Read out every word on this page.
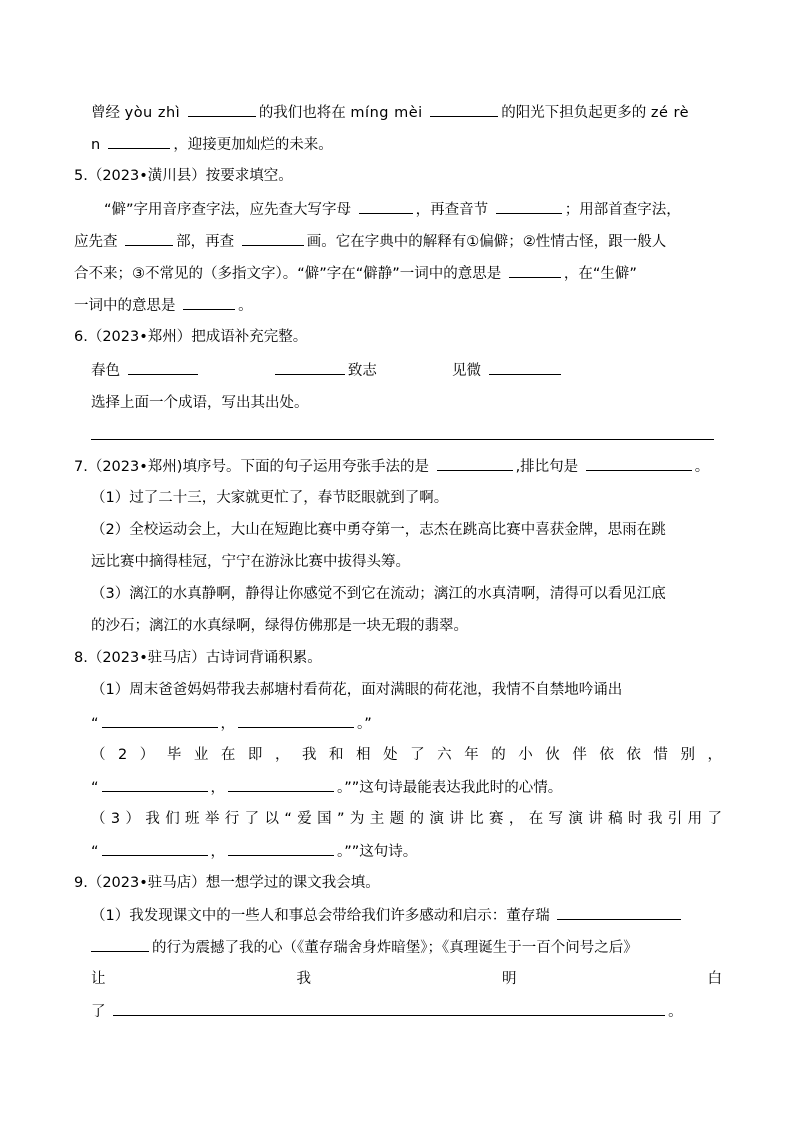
曾经 yòu zhì	的我们也将在 míng mèi	的阳光下担负起更多的 zé rè
n	，迎接更加灿烂的未来。
5.（2023•潢川县）按要求填空。
“僻”字用音序查字法，应先查大写字母	，再查音节	；用部首查字法，
应先查	部，再查	画。它在字典中的解释有①偏僻；②性情古怪，跟一般人
合不来；③不常见的（多指文字）。“僻”字在“僻静”一词中的意思是	，在“生僻”
一词中的意思是	。
6.（2023•郑州）把成语补充完整。
春色	致志	见微
选择上面一个成语，写出其出处。
7.（2023•郑州)填序号。下面的句子运用夸张手法的是	,排比句是	。
（1）过了二十三，大家就更忙了，春节眨眼就到了啊。
（2）全校运动会上，大山在短跑比赛中勇夺第一，志杰在跳高比赛中喜获金牌，思雨在跳
远比赛中摘得桂冠，宁宁在游泳比赛中拔得头筹。
（3）漓江的水真静啊，静得让你感觉不到它在流动；漓江的水真清啊，清得可以看见江底
的沙石；漓江的水真绿啊，绿得仿佛那是一块无瑕的翡翠。
8.（2023•驻马店）古诗词背诵积累。
（1）周末爸爸妈妈带我去郝塘村看荷花，面对满眼的荷花池，我情不自禁地吟诵出
“	，	。”
（2）毕业在即，我和相处了六年的小伙伴依依惜别，
“	，	。””这句诗最能表达我此时的心情。
（3）我们班举行了以“爱国”为主题的演讲比赛，在写演讲稿时我引用了
“	，	。””这句诗。
9.（2023•驻马店）想一想学过的课文我会填。
（1）我发现课文中的一些人和事总会带给我们许多感动和启示：董存瑞
的行为震撼了我的心（《董存瑞舍身炸暗堡》；《真理诞生于一百个问号之后》
让	我	明	白
了	。
